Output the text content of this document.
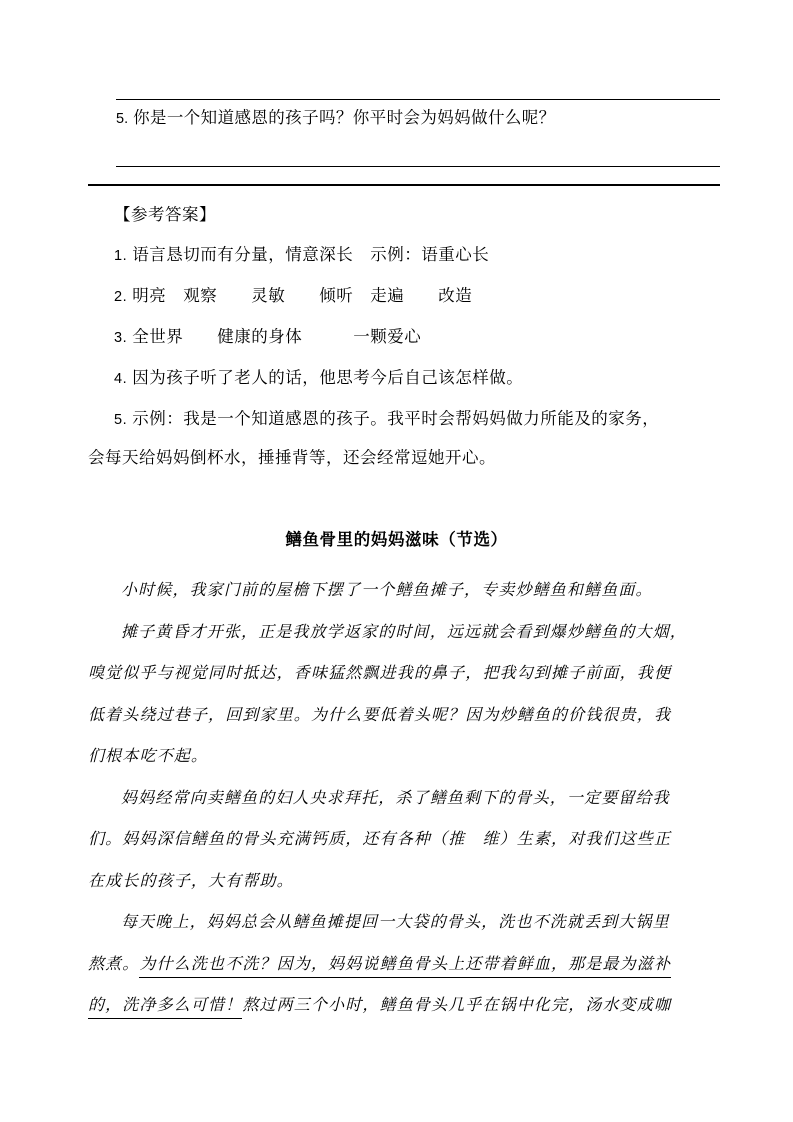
5. 你是一个知道感恩的孩子吗？你平时会为妈妈做什么呢？
【参考答案】
1. 语言恳切而有分量，情意深长　示例：语重心长
2. 明亮　观察　　灵敏　　倾听　走遍　　改造
3. 全世界　　健康的身体　　　一颗爱心
4. 因为孩子听了老人的话，他思考今后自己该怎样做。
5. 示例：我是一个知道感恩的孩子。我平时会帮妈妈做力所能及的家务，
会每天给妈妈倒杯水，捶捶背等，还会经常逗她开心。
鳝鱼骨里的妈妈滋味（节选）
小时候，我家门前的屋檐下摆了一个鳝鱼摊子，专卖炒鳝鱼和鳝鱼面。
摊子黄昏才开张，正是我放学返家的时间，远远就会看到爆炒鳝鱼的大烟，
嗅觉似乎与视觉同时抵达，香味猛然飘进我的鼻子，把我勾到摊子前面，我便
低着头绕过巷子，回到家里。为什么要低着头呢？因为炒鳝鱼的价钱很贵，我
们根本吃不起。
妈妈经常向卖鳝鱼的妇人央求拜托，杀了鳝鱼剩下的骨头，一定要留给我
们。妈妈深信鳝鱼的骨头充满钙质，还有各种（推　维）生素，对我们这些正
在成长的孩子，大有帮助。
每天晚上，妈妈总会从鳝鱼摊提回一大袋的骨头，洗也不洗就丢到大锅里
熬煮。为什么洗也不洗？因为，妈妈说鳝鱼骨头上还带着鲜血，那是最为滋补
的，洗净多么可惜！熬过两三个小时，鳝鱼骨头几乎在锅中化完，汤水变成咖
